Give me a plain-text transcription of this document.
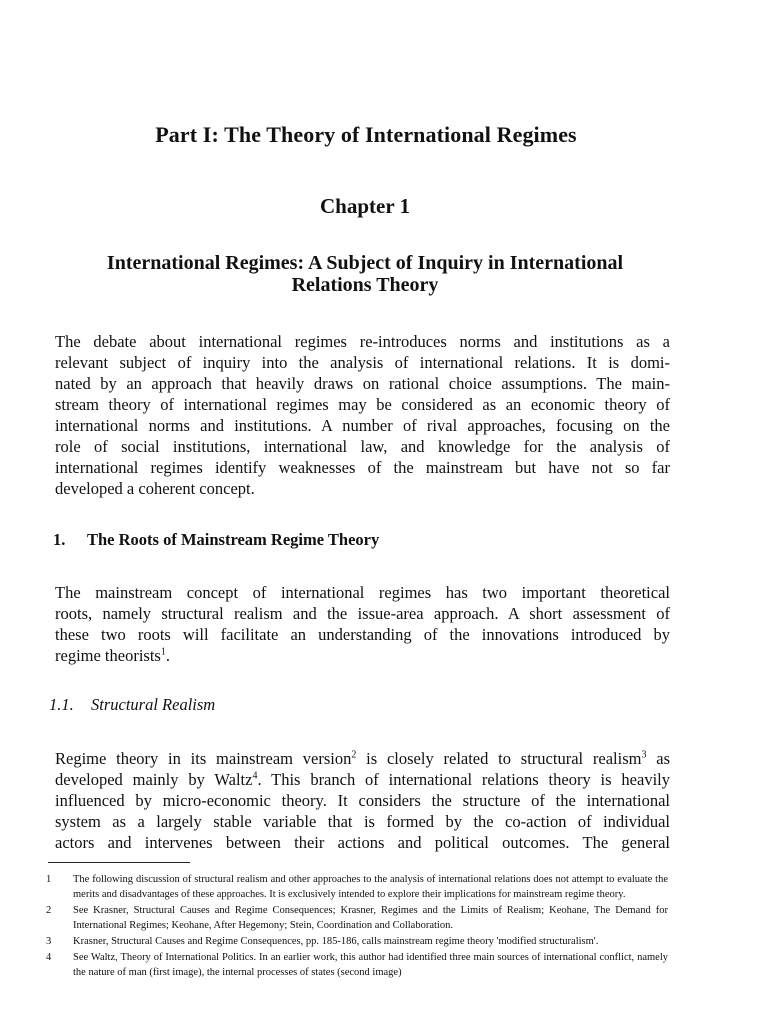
Part I: The Theory of International Regimes
Chapter 1
International Regimes: A Subject of Inquiry in International
Relations Theory

The debate about international regimes re-introduces norms and institutions as a
relevant subject of inquiry into the analysis of international relations. It is domi-
nated by an approach that heavily draws on rational choice assumptions. The main-
stream theory of international regimes may be considered as an economic theory of
international norms and institutions. A number of rival approaches, focusing on the
role of social institutions, international law, and knowledge for the analysis of
international regimes identify weaknesses of the mainstream but have not so far
developed a coherent concept.

1. The Roots of Mainstream Regime Theory

The mainstream concept of international regimes has two important theoretical
roots, namely structural realism and the issue-area approach. A short assessment of
these two roots will facilitate an understanding of the innovations introduced by
regime theorists$^1$.

1.1. Structural Realism

Regime theory in its mainstream version$^2$ is closely related to structural realism$^3$ as
developed mainly by Waltz$^4$. This branch of international relations theory is heavily
influenced by micro-economic theory. It considers the structure of the international
system as a largely stable variable that is formed by the co-action of individual
actors and intervenes between their actions and political outcomes. The general

1	The following discussion of structural realism and other approaches to the analysis of international relations does not attempt to evaluate the merits and disadvantages of these approaches. It is exclusively intended to explore their implications for mainstream regime theory.
2	See Krasner, Structural Causes and Regime Consequences; Krasner, Regimes and the Limits of Realism; Keohane, The Demand for International Regimes; Keohane, After Hegemony; Stein, Coordination and Collaboration.
3	Krasner, Structural Causes and Regime Consequences, pp. 185-186, calls mainstream regime theory 'modified structuralism'.
4	See Waltz, Theory of International Politics. In an earlier work, this author had identified three main sources of international conflict, namely the nature of man (first image), the internal processes of states (second image)
